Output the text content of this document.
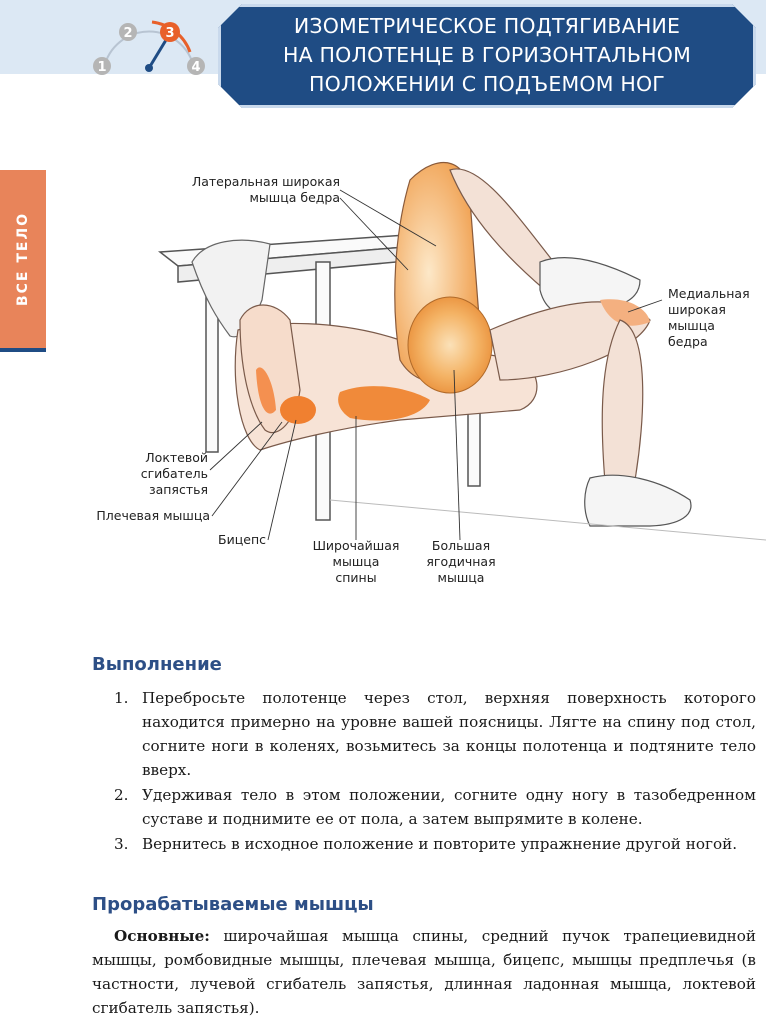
ИЗОМЕТРИЧЕСКОЕ ПОДТЯГИВАНИЕ
НА ПОЛОТЕНЦЕ В ГОРИЗОНТАЛЬНОМ
ПОЛОЖЕНИИ С ПОДЪЕМОМ НОГ
1
2	3
4
ВСЕ ТЕЛО
Латеральная широкая
мышца бедра
Медиальная
широкая
мышца
бедра
Локтевой
сгибатель
запястья
Плечевая мышца
Бицепс	Широчайшая
мышца
спины
Большая
ягодичная
мышца
Выполнение
1. Перебросьте полотенце через стол, верхняя поверхность которого находится примерно на уровне вашей поясницы. Лягте на спину под стол, согните ноги в коленях, возьмитесь за концы полотенца и подтяните тело вверх.
2. Удерживая тело в этом положении, согните одну ногу в тазобедренном суставе и поднимите ее от пола, а затем выпрямите в колене.
3. Вернитесь в исходное положение и повторите упражнение другой ногой.
Прорабатываемые мышцы
Основные: широчайшая мышца спины, средний пучок трапециевидной мышцы, ромбовидные мышцы, плечевая мышца, бицепс, мышцы предплечья (в частности, лучевой сгибатель запястья, длинная ладонная мышца, локтевой сгибатель запястья).
